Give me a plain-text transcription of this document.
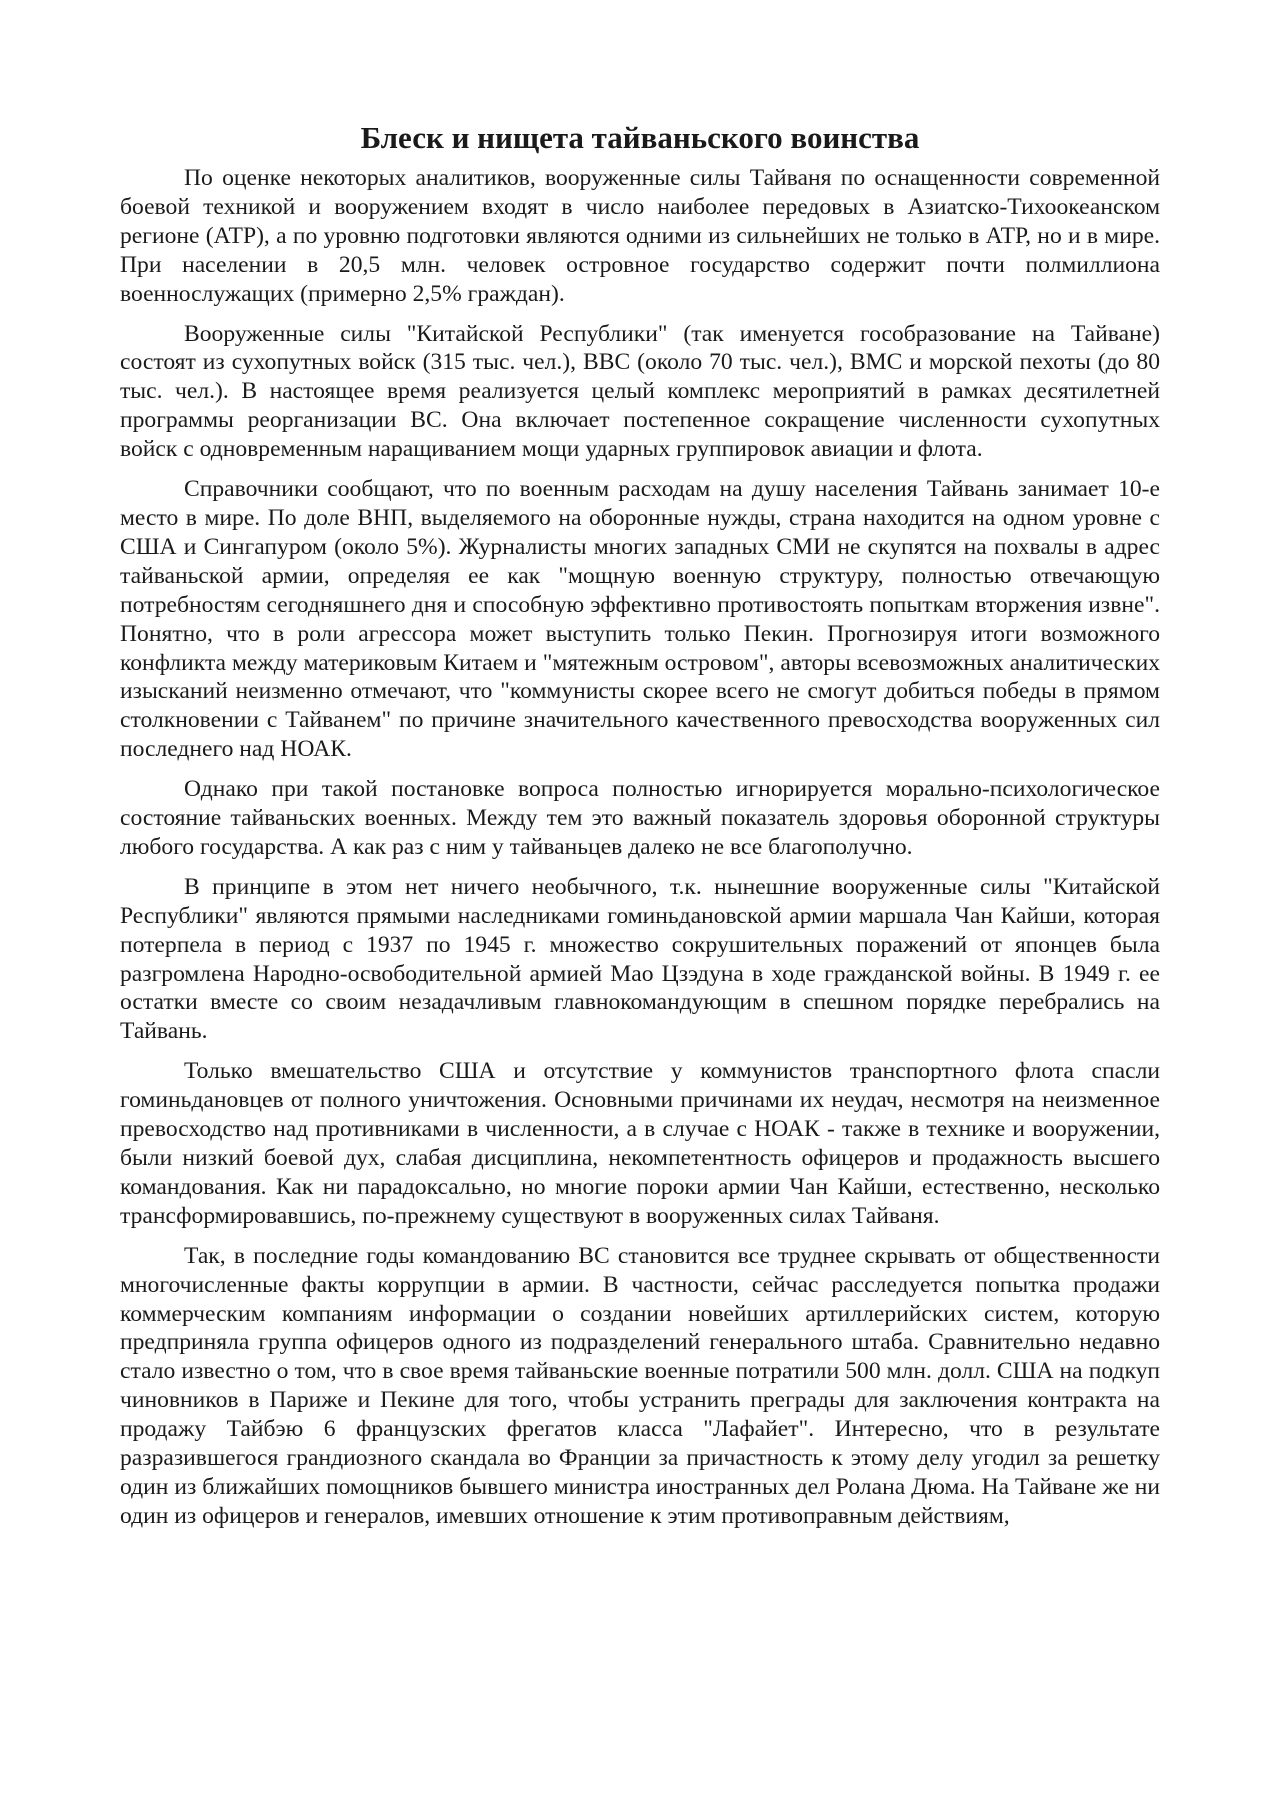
Блеск и нищета тайваньского воинства

По оценке некоторых аналитиков, вооруженные силы Тайваня по оснащенности современной боевой техникой и вооружением входят в число наиболее передовых в Азиатско-Тихоокеанском регионе (АТР), а по уровню подготовки являются одними из сильнейших не только в АТР, но и в мире. При населении в 20,5 млн. человек островное государство содержит почти полмиллиона военнослужащих (примерно 2,5% граждан).

Вооруженные силы "Китайской Республики" (так именуется гособразование на Тайване) состоят из сухопутных войск (315 тыс. чел.), ВВС (около 70 тыс. чел.), ВМС и морской пехоты (до 80 тыс. чел.). В настоящее время реализуется целый комплекс мероприятий в рамках десятилетней программы реорганизации ВС. Она включает постепенное сокращение численности сухопутных войск с одновременным наращиванием мощи ударных группировок авиации и флота.

Справочники сообщают, что по военным расходам на душу населения Тайвань занимает 10-е место в мире. По доле ВНП, выделяемого на оборонные нужды, страна находится на одном уровне с США и Сингапуром (около 5%). Журналисты многих западных СМИ не скупятся на похвалы в адрес тайваньской армии, определяя ее как "мощную военную структуру, полностью отвечающую потребностям сегодняшнего дня и способную эффективно противостоять попыткам вторжения извне". Понятно, что в роли агрессора может выступить только Пекин. Прогнозируя итоги возможного конфликта между материковым Китаем и "мятежным островом", авторы всевозможных аналитических изысканий неизменно отмечают, что "коммунисты скорее всего не смогут добиться победы в прямом столкновении с Тайванем" по причине значительного качественного превосходства вооруженных сил последнего над НОАК.

Однако при такой постановке вопроса полностью игнорируется морально-психологическое состояние тайваньских военных. Между тем это важный показатель здоровья оборонной структуры любого государства. А как раз с ним у тайваньцев далеко не все благополучно.

В принципе в этом нет ничего необычного, т.к. нынешние вооруженные силы "Китайской Республики" являются прямыми наследниками гоминьдановской армии маршала Чан Кайши, которая потерпела в период с 1937 по 1945 г. множество сокрушительных поражений от японцев была разгромлена Народно-освободительной армией Мао Цзэдуна в ходе гражданской войны. В 1949 г. ее остатки вместе со своим незадачливым главнокомандующим в спешном порядке перебрались на Тайвань.

Только вмешательство США и отсутствие у коммунистов транспортного флота спасли гоминьдановцев от полного уничтожения. Основными причинами их неудач, несмотря на неизменное превосходство над противниками в численности, а в случае с НОАК - также в технике и вооружении, были низкий боевой дух, слабая дисциплина, некомпетентность офицеров и продажность высшего командования. Как ни парадоксально, но многие пороки армии Чан Кайши, естественно, несколько трансформировавшись, по-прежнему существуют в вооруженных силах Тайваня.

Так, в последние годы командованию ВС становится все труднее скрывать от общественности многочисленные факты коррупции в армии. В частности, сейчас расследуется попытка продажи коммерческим компаниям информации о создании новейших артиллерийских систем, которую предприняла группа офицеров одного из подразделений генерального штаба. Сравнительно недавно стало известно о том, что в свое время тайваньские военные потратили 500 млн. долл. США на подкуп чиновников в Париже и Пекине для того, чтобы устранить преграды для заключения контракта на продажу Тайбэю 6 французских фрегатов класса "Лафайет". Интересно, что в результате разразившегося грандиозного скандала во Франции за причастность к этому делу угодил за решетку один из ближайших помощников бывшего министра иностранных дел Ролана Дюма. На Тайване же ни один из офицеров и генералов, имевших отношение к этим противоправным действиям,
